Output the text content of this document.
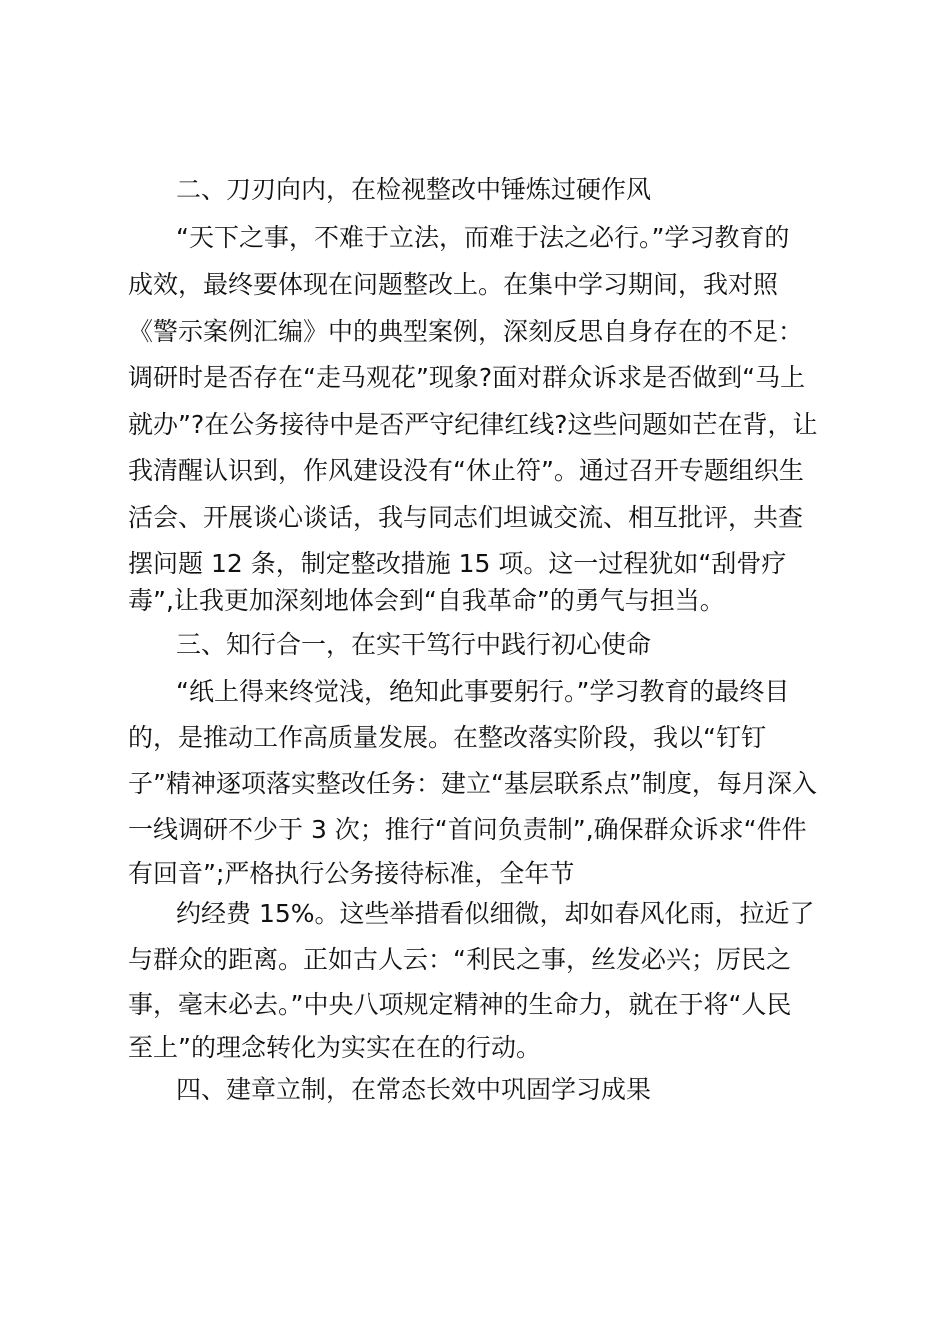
二、刀刃向内，在检视整改中锤炼过硬作风

“天下之事，不难于立法，而难于法之必行。”学习教育的

成效，最终要体现在问题整改上。在集中学习期间，我对照

《警示案例汇编》中的典型案例，深刻反思自身存在的不足：

调研时是否存在“走马观花”现象?面对群众诉求是否做到“马上

就办”?在公务接待中是否严守纪律红线?这些问题如芒在背，让

我清醒认识到，作风建设没有“休止符”。通过召开专题组织生

活会、开展谈心谈话，我与同志们坦诚交流、相互批评，共查

摆问题 12 条，制定整改措施 15 项。这一过程犹如“刮骨疗

毒”,让我更加深刻地体会到“自我革命”的勇气与担当。

三、知行合一，在实干笃行中践行初心使命

“纸上得来终觉浅，绝知此事要躬行。”学习教育的最终目

的，是推动工作高质量发展。在整改落实阶段，我以“钉钉

子”精神逐项落实整改任务：建立“基层联系点”制度，每月深入

一线调研不少于 3 次；推行“首问负责制”,确保群众诉求“件件

有回音”;严格执行公务接待标准，全年节

约经费 15%。这些举措看似细微，却如春风化雨，拉近了

与群众的距离。正如古人云：“利民之事，丝发必兴；厉民之

事，毫末必去。”中央八项规定精神的生命力，就在于将“人民

至上”的理念转化为实实在在的行动。

四、建章立制，在常态长效中巩固学习成果
